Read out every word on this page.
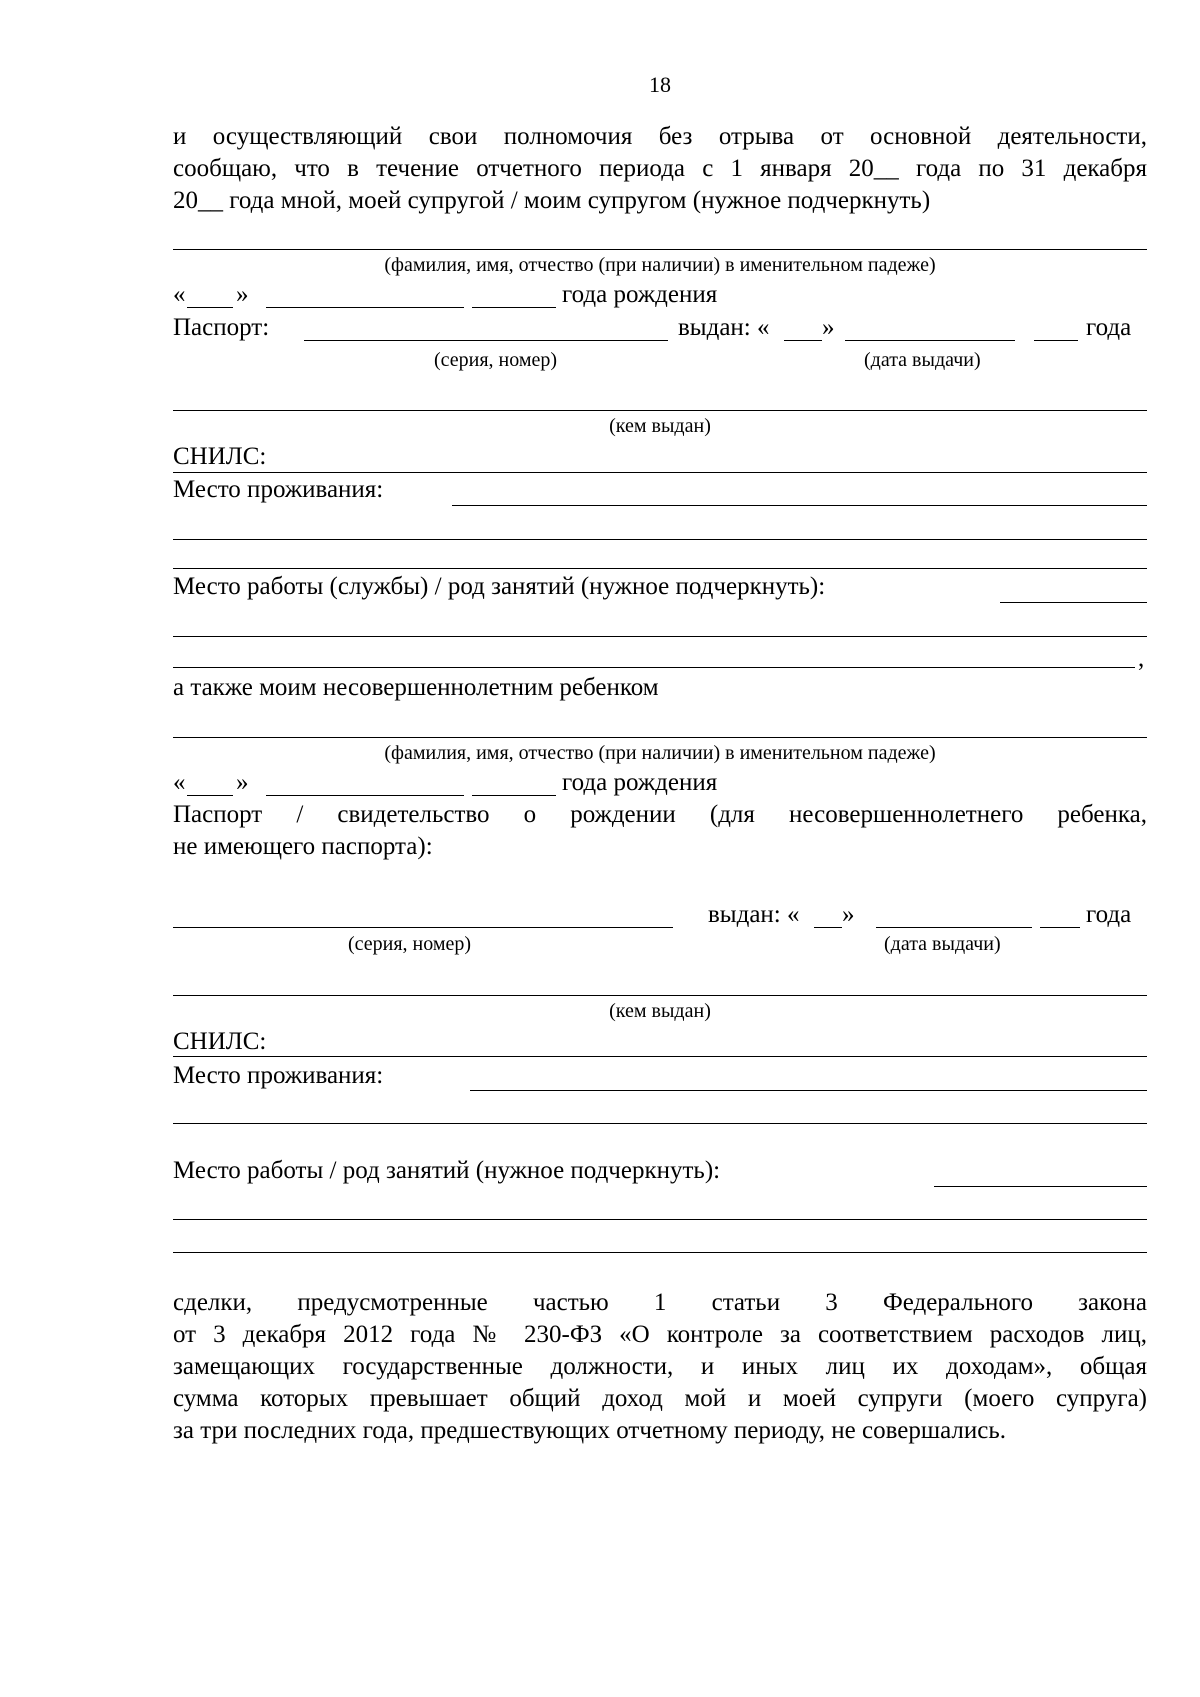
18
и осуществляющий свои полномочия без отрыва от основной деятельности,
сообщаю, что в течение отчетного периода с 1 января 20__ года по 31 декабря
20__ года мной, моей супругой / моим супругом (нужное подчеркнуть)
(фамилия, имя, отчество (при наличии) в именительном падеже)
« »	года рождения
Паспорт:	выдан: « »	года
(серия, номер)	(дата выдачи)
(кем выдан)
СНИЛС:
Место проживания:
Место работы (службы) / род занятий (нужное подчеркнуть):
,
а также моим несовершеннолетним ребенком
(фамилия, имя, отчество (при наличии) в именительном падеже)
« »	года рождения
Паспорт / свидетельство о рождении (для несовершеннолетнего ребенка,
не имеющего паспорта):
выдан: « »	года
(серия, номер)	(дата выдачи)
(кем выдан)
СНИЛС:
Место проживания:
Место работы / род занятий (нужное подчеркнуть):
сделки, предусмотренные частью 1 статьи 3 Федерального закона
от 3 декабря 2012 года № 230-ФЗ «О контроле за соответствием расходов лиц,
замещающих государственные должности, и иных лиц их доходам», общая
сумма которых превышает общий доход мой и моей супруги (моего супруга)
за три последних года, предшествующих отчетному периоду, не совершались.
